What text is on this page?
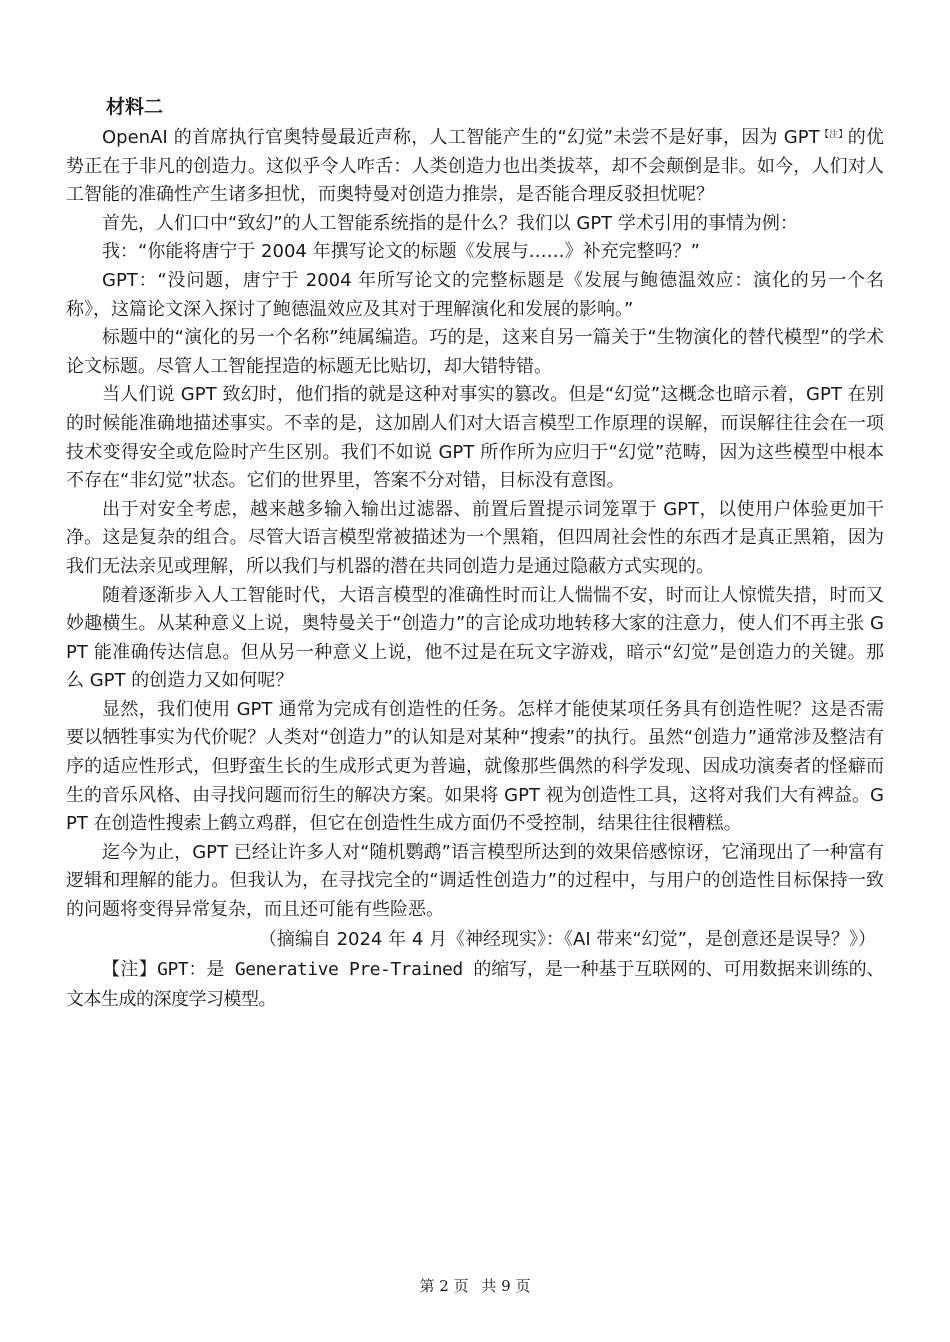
材料二

OpenAI 的首席执行官奥特曼最近声称，人工智能产生的“幻觉”未尝不是好事，因为 GPT$^{【注】}$的优势正在于非凡的创造力。这似乎令人咋舌：人类创造力也出类拔萃，却不会颠倒是非。如今，人们对人工智能的准确性产生诸多担忧，而奥特曼对创造力推崇，是否能合理反驳担忧呢？

首先，人们口中“致幻”的人工智能系统指的是什么？我们以 GPT 学术引用的事情为例：

我：“你能将唐宁于 2004 年撰写论文的标题《发展与……》补充完整吗？”

GPT：“没问题，唐宁于 2004 年所写论文的完整标题是《发展与鲍德温效应：演化的另一个名称》，这篇论文深入探讨了鲍德温效应及其对于理解演化和发展的影响。”

标题中的“演化的另一个名称”纯属编造。巧的是，这来自另一篇关于“生物演化的替代模型”的学术论文标题。尽管人工智能捏造的标题无比贴切，却大错特错。

当人们说 GPT 致幻时，他们指的就是这种对事实的篡改。但是“幻觉”这概念也暗示着，GPT 在别的时候能准确地描述事实。不幸的是，这加剧人们对大语言模型工作原理的误解，而误解往往会在一项技术变得安全或危险时产生区别。我们不如说 GPT 所作所为应归于“幻觉”范畴，因为这些模型中根本不存在“非幻觉”状态。它们的世界里，答案不分对错，目标没有意图。

出于对安全考虑，越来越多输入输出过滤器、前置后置提示词笼罩于 GPT，以使用户体验更加干净。这是复杂的组合。尽管大语言模型常被描述为一个黑箱，但四周社会性的东西才是真正黑箱，因为我们无法亲见或理解，所以我们与机器的潜在共同创造力是通过隐蔽方式实现的。

随着逐渐步入人工智能时代，大语言模型的准确性时而让人惴惴不安，时而让人惊慌失措，时而又妙趣横生。从某种意义上说，奥特曼关于“创造力”的言论成功地转移大家的注意力，使人们不再主张 GPT 能准确传达信息。但从另一种意义上说，他不过是在玩文字游戏，暗示“幻觉”是创造力的关键。那么 GPT 的创造力又如何呢？

显然，我们使用 GPT 通常为完成有创造性的任务。怎样才能使某项任务具有创造性呢？这是否需要以牺牲事实为代价呢？人类对“创造力”的认知是对某种“搜索”的执行。虽然“创造力”通常涉及整洁有序的适应性形式，但野蛮生长的生成形式更为普遍，就像那些偶然的科学发现、因成功演奏者的怪癖而生的音乐风格、由寻找问题而衍生的解决方案。如果将 GPT 视为创造性工具，这将对我们大有裨益。GPT 在创造性搜索上鹤立鸡群，但它在创造性生成方面仍不受控制，结果往往很糟糕。

迄今为止，GPT 已经让许多人对“随机鹦鹉”语言模型所达到的效果倍感惊讶，它涌现出了一种富有逻辑和理解的能力。但我认为，在寻找完全的“调适性创造力”的过程中，与用户的创造性目标保持一致的问题将变得异常复杂，而且还可能有些险恶。

（摘编自 2024 年 4 月《神经现实》：《AI 带来“幻觉”，是创意还是误导？》）

【注】GPT：是 Generative Pre-Trained 的缩写，是一种基于互联网的、可用数据来训练的、文本生成的深度学习模型。

第 2 页 共 9 页
